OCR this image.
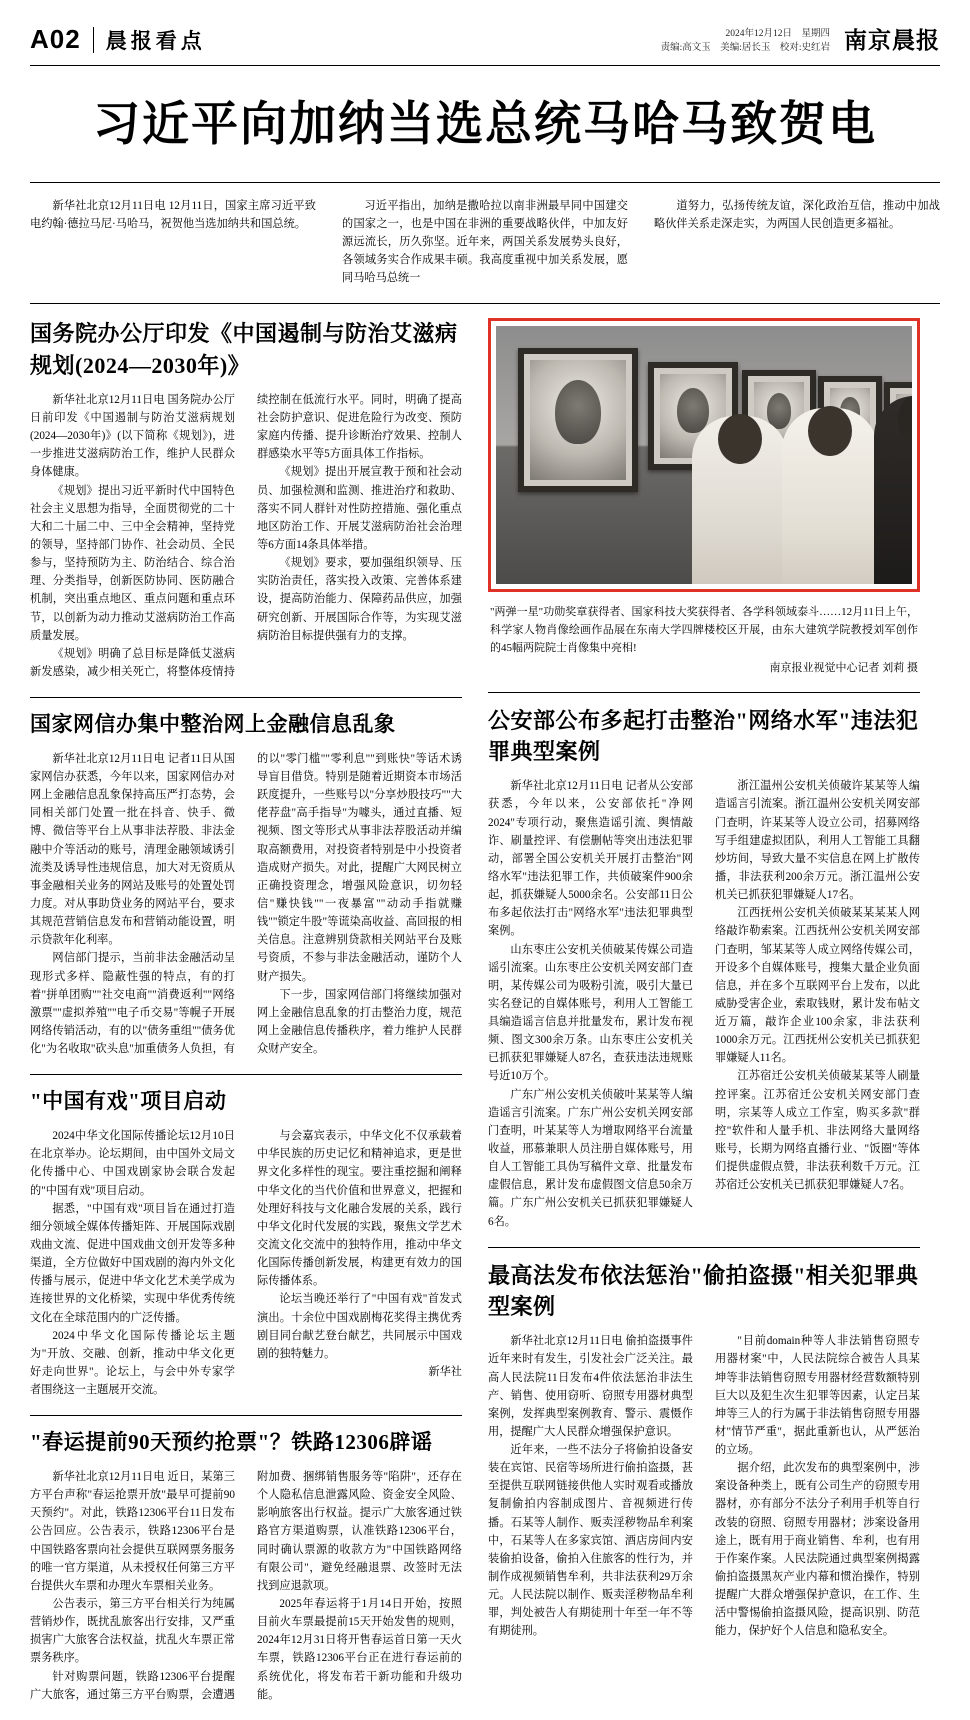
A02 晨报看点	2024年12月12日　星期四
责编:高文玉　美编:居长玉　校对:史红岩 南京晨报
习近平向加纳当选总统马哈马致贺电

新华社北京12月11日电 12月11日，国家主席习近平致电约翰·德拉马尼·马哈马，祝贺他当选加纳共和国总统。

习近平指出，加纳是撒哈拉以南非洲最早同中国建交的国家之一，也是中国在非洲的重要战略伙伴，中加友好源远流长，历久弥坚。近年来，两国关系发展势头良好，各领域务实合作成果丰硕。我高度重视中加关系发展，愿同马哈马总统一

道努力，弘扬传统友谊，深化政治互信，推动中加战略伙伴关系走深走实，为两国人民创造更多福祉。

国务院办公厅印发《中国遏制与防治艾滋病规划(2024—2030年)》

新华社北京12月11日电 国务院办公厅日前印发《中国遏制与防治艾滋病规划(2024—2030年)》(以下简称《规划》)，进一步推进艾滋病防治工作，维护人民群众身体健康。

《规划》提出习近平新时代中国特色社会主义思想为指导，全面贯彻党的二十大和二十届二中、三中全会精神，坚持党的领导，坚持部门协作、社会动员、全民参与，坚持预防为主、防治结合、综合治理、分类指导，创新医防协同、医防融合机制，突出重点地区、重点问题和重点环节，以创新为动力推动艾滋病防治工作高质量发展。

《规划》明确了总目标是降低艾滋病新发感染，减少相关死亡，将整体疫情持续控制在低流行水平。同时，明确了提高社会防护意识、促进危险行为改变、预防家庭内传播、提升诊断治疗效果、控制人群感染水平等5方面具体工作指标。

《规划》提出开展宣教于预和社会动员、加强检测和监测、推进治疗和救助、落实不同人群针对性防控措施、强化重点地区防治工作、开展艾滋病防治社会治理等6方面14条具体举措。

《规划》要求，要加强组织领导、压实防治责任，落实投入改策、完善体系建设，提高防治能力、保障药品供应，加强研究创新、开展国际合作等，为实现艾滋病防治目标提供强有力的支撑。

国家网信办集中整治网上金融信息乱象

新华社北京12月11日电 记者11日从国家网信办获悉，今年以来，国家网信办对网上金融信息乱象保持高压严打态势，会同相关部门处置一批在抖音、快手、微博、微信等平台上从事非法荐股、非法金融中介等活动的账号，清理金融领域诱引流类及诱导性违规信息，加大对无资质从事金融相关业务的网站及账号的处置处罚力度。对从事助贷业务的网站平台，要求其规范营销信息发布和营销动能设置，明示贷款年化利率。

网信部门提示，当前非法金融活动呈现形式多样、隐蔽性强的特点，有的打着"拼单团购""社交电商""消费返利""网络激票""虚拟养殖""电子币交易"等幌子开展网络传销活动，有的以"债务重组""债务优化"为名收取"砍头息"加重债务人负担，有的以"零门槛""零利息""到账快"等话术诱导盲目借贷。特别是随着近期资本市场活跃度提升，一些账号以"分享炒股技巧""大佬荐盘"高手指导"为噱头，通过直播、短视频、图文等形式从事非法荐股活动并编取高额费用，对投资者特别是中小投资者造成财产损失。对此，提醒广大网民树立正确投资理念，增强风险意识，切勿轻信"赚快钱""一夜暴富""动动手指就赚钱""锁定牛股"等谎染高收益、高回报的相关信息。注意辨别贷款相关网站平台及账号资质，不参与非法金融活动，谨防个人财产损失。

下一步，国家网信部门将继续加强对网上金融信息乱象的打击整治力度，规范网上金融信息传播秩序，着力维护人民群众财产安全。

"中国有戏"项目启动

2024中华文化国际传播论坛12月10日在北京举办。论坛期间，由中国外文局文化传播中心、中国戏剧家协会联合发起的"中国有戏"项目启动。

据悉，"中国有戏"项目旨在通过打造细分领域全媒体传播矩阵、开展国际戏剧戏曲文流、促进中国戏曲文创开发等多种渠道，全方位做好中国戏剧的海内外文化传播与展示，促进中华文化艺术美学成为连接世界的文化桥梁，实现中华优秀传统文化在全球范围内的广泛传播。

2024中华文化国际传播论坛主题为"开放、交融、创新，推动中华文化更好走向世界"。论坛上，与会中外专家学者围绕这一主题展开交流。

与会嘉宾表示，中华文化不仅承载着中华民族的历史记忆和精神追求，更是世界文化多样性的现宝。要注重挖掘和阐释中华文化的当代价值和世界意义，把握和处理好科技与文化融合发展的关系，践行中华文化时代发展的实践，聚焦文学艺术交流文化交流中的独特作用，推动中华文化国际传播创新发展，构建更有效力的国际传播体系。

论坛当晚还举行了"中国有戏"首发式演出。十余位中国戏剧梅花奖得主携优秀剧目同台献艺登台献艺，共同展示中国戏剧的独特魅力。

新华社

"春运提前90天预约抢票"？铁路12306辟谣

新华社北京12月11日电 近日，某第三方平台声称"春运抢票开放"最早可提前90天预约"。对此，铁路12306平台11日发布公告回应。公告表示，铁路12306平台是中国铁路客票向社会提供互联网票务服务的唯一官方渠道，从未授权任何第三方平台提供火车票和办理火车票相关业务。

公告表示，第三方平台相关行为纯属营销炒作，既扰乱旅客出行安排，又严重损害广大旅客合法权益，扰乱火车票正常票务秩序。

针对购票问题，铁路12306平台提醒广大旅客，通过第三方平台购票，会遭遇附加费、捆绑销售服务等"陷阱"，还存在个人隐私信息泄露风险、资金安全风险、影响旅客出行权益。提示广大旅客通过铁路官方渠道购票，认准铁路12306平台，同时确认票源的收款方为"中国铁路网络有限公司"，避免经融退票、改签时无法找到应退款项。

2025年春运将于1月14日开始，按照目前火车票最提前15天开始发售的规则，2024年12月31日将开售春运首日第一天火车票，铁路12306平台正在进行春运前的系统优化，将发布若干新功能和升级功能。

"两弹一星"功勋奖章获得者、国家科技大奖获得者、各学科领域泰斗……12月11日上午，科学家人物肖像绘画作品展在东南大学四牌楼校区开展，由东大建筑学院教授刘军创作的45幅两院院士肖像集中亮相!
南京报业视觉中心记者 刘莉 摄
公安部公布多起打击整治"网络水军"违法犯罪典型案例

新华社北京12月11日电 记者从公安部获悉，今年以来，公安部依托"净网2024"专项行动，聚焦造谣引流、舆情敲诈、刷量控评、有偿删帖等突出违法犯罪动，部署全国公安机关开展打击整治"网络水军"违法犯罪工作，共侦破案件900余起，抓获嫌疑人5000余名。公安部11日公布多起依法打击"网络水军"违法犯罪典型案例。

山东枣庄公安机关侦破某传媒公司造谣引流案。山东枣庄公安机关网安部门查明，某传媒公司为吸粉引流，吸引大量已实名登记的自媒体账号，利用人工智能工具编造谣言信息并批量发布，累计发布视频、图文300余万条。山东枣庄公安机关已抓获犯罪嫌疑人87名，查获违法违规账号近10万个。

广东广州公安机关侦破叶某某等人编造谣言引流案。广东广州公安机关网安部门查明，叶某某等人为增取网络平台流量收益，邢慕兼职人员注册自媒体账号，用自人工智能工具伪写稿件文章、批量发布虚假信息，累计发布虚假图文信息50余万篇。广东广州公安机关已抓获犯罪嫌疑人6名。

浙江温州公安机关侦破许某某等人编造谣言引流案。浙江温州公安机关网安部门查明，许某某等人设立公司，招募网络写手组建虚拟团队，利用人工智能工具翻炒坊间，导致大量不实信息在网上扩散传播，非法获利200余万元。浙江温州公安机关已抓获犯罪嫌疑人17名。

江西抚州公安机关侦破某某某某人网络敲诈勒索案。江西抚州公安机关网安部门查明，邹某某等人成立网络传媒公司，开设多个自媒体账号，搜集大量企业负面信息，并在多个互联网平台上发布，以此威胁受害企业，索取钱财，累计发布帖文近万篇，敲诈企业100余家，非法获利1000余万元。江西抚州公安机关已抓获犯罪嫌疑人11名。

江苏宿迁公安机关侦破某某等人刷量控评案。江苏宿迁公安机关网安部门查明，宗某等人成立工作室，购买多款"群控"软件和人量手机、非法网络大量网络账号，长期为网络直播行业、"饭圈"等体们提供虚假点赞，非法获利数千万元。江苏宿迁公安机关已抓获犯罪嫌疑人7名。

最高法发布依法惩治"偷拍盗摄"相关犯罪典型案例

新华社北京12月11日电 偷拍盗摄事件近年来时有发生，引发社会广泛关注。最高人民法院11日发布4件依法惩治非法生产、销售、使用窃听、窃照专用器材典型案例，发挥典型案例教育、警示、震慑作用，提醒广大人民群众增强保护意识。

近年来，一些不法分子将偷拍设备安装在宾馆、民宿等场所进行偷拍盗摄，甚至提供互联网链接供他人实时观看或播放复制偷拍内容制成图片、音视频进行传播。石某等人制作、贩卖淫秽物品牟利案中，石某等人在多家宾馆、酒店房间内安装偷拍设备，偷拍入住旅客的性行为，并制作成视频销售牟利，共非法获利29万余元。人民法院以制作、贩卖淫秽物品牟利罪，判处被告人有期徒刑十年至一年不等有期徒刑。

"目前domain种等人非法销售窃照专用器材案"中，人民法院综合被告人具某坤等非法销售窃照专用器材经营数额特别巨大以及犯生次生犯罪等因素，认定吕某坤等三人的行为属于非法销售窃照专用器材"情节严重"，据此重新也认，从严惩治的立场。

据介绍，此次发布的典型案例中，涉案设备种类上，既有公司生产的窃照专用器材，亦有部分不法分子利用手机等自行改装的窃照、窃照专用器材；涉案设备用途上，既有用于商业销售、牟利，也有用于作案作案。人民法院通过典型案例揭露偷拍盗摄黑灰产业内幕和惯治操作，特别提醒广大群众增强保护意识，在工作、生活中警惕偷拍盗摄风险，提高识别、防范能力，保护好个人信息和隐私安全。
